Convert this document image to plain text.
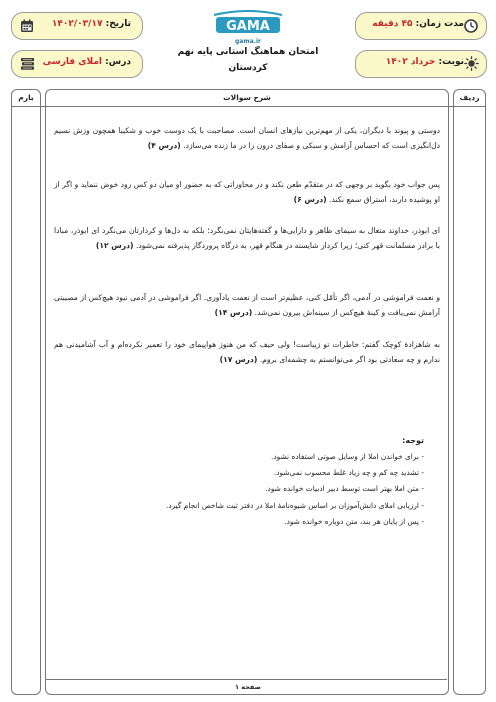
تاریخ: ۱۴۰۲/۰۳/۱۷	مدت زمان: ۴۵ دقیقه
درس: املای فارسی	نوبت: خرداد ۱۴۰۲
GAMA
gama.ir
امتحان هماهنگ استانی پایه نهم
کردستان
ردیف
شرح سوالات
بارم
دوستی و پیوند با دیگران، یکی از مهم‌ترین نیازهای انسان است. مصاحبت با یک دوست خوب و شکیبا همچون وزش نسیم دل‌انگیزی است که احساس آرامش و سبکی و صفای درون را در ما زنده می‌سازد. (درس ۴)
پس جواب خود بگوید بر وجهی که در متقدّم طعن نکند و در محاوراتی که به حضور او میان دو کس رود خوض ننماید و اگر از او پوشیده دارند، استراق سمع نکند. (درس ۶)
ای ابوذر، خداوند متعال به سیمای ظاهر و دارایی‌ها و گفته‌هایتان نمی‌نگرد؛ بلکه به دل‌ها و کردارتان می‌نگرد ای ابوذر، مبادا با برادر مسلمانت قهر کنی؛ زیرا کردار شایسته در هنگام قهر، به درگاه پروردگار پذیرفته نمی‌شود. (درس ۱۲)
و نعمت فراموشی در آدمی، اگر تأمّل کنی، عظیم‌تر است از نعمت یادآوری. اگر فراموشی در آدمی نبود هیچ‌کس از مصیبتی آرامش نمی‌یافت و کینهٔ هیچ‌کس از سینه‌اش بیرون نمی‌شد. (درس ۱۴)
به شاهزادهٔ کوچک گفتم: خاطرات تو زیباست! ولی حیف که من هنوز هواپیمای خود را تعمیر نکرده‌ام و آب آشامیدنی هم ندارم و چه سعادتی بود اگر می‌توانستم به چشمه‌ای بروم. (درس ۱۷)
توجه:
- برای خواندن املا از وسایل صوتی استفاده نشود.
- تشدید چه کم و چه زیاد غلط محسوب نمی‌شود.
- متن املا بهتر است توسط دبیر ادبیات خوانده شود.
- ارزیابی املای دانش‌آموزان بر اساس شیوه‌نامهٔ املا در دفتر ثبت شاخص انجام گیرد.
- پس از پایان هر بند، متن دوباره خوانده شود.
صفحه ۱
